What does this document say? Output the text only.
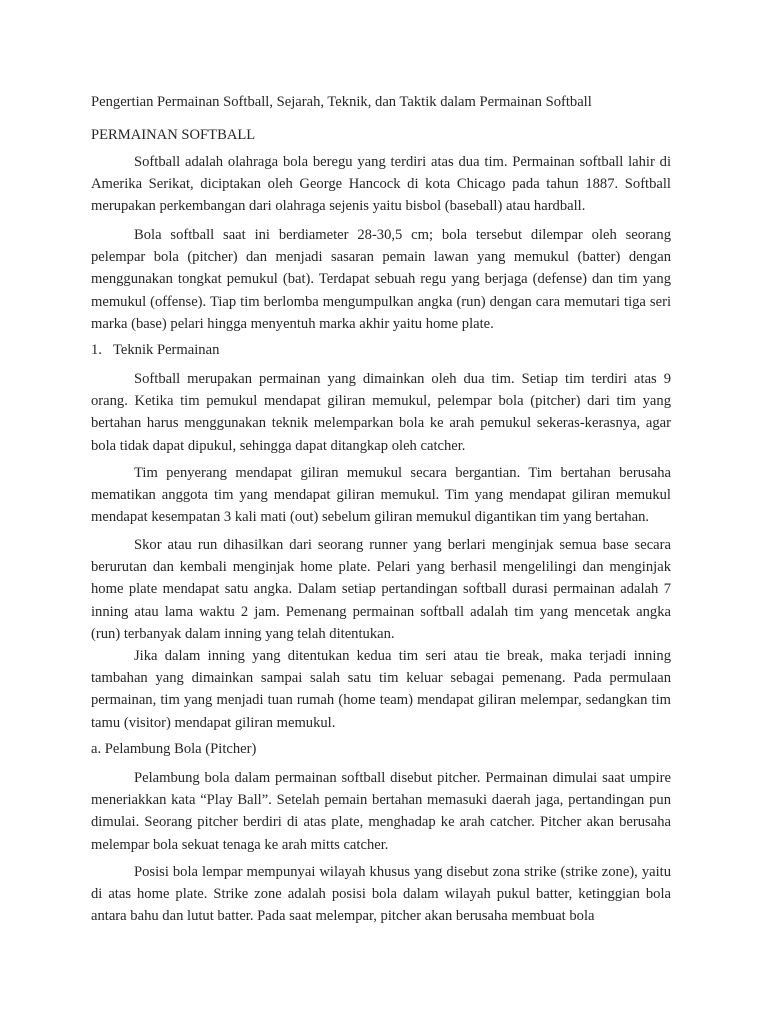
Pengertian Permainan Softball, Sejarah, Teknik, dan Taktik dalam Permainan Softball
PERMAINAN SOFTBALL
Softball adalah olahraga bola beregu yang terdiri atas dua tim. Permainan softball lahir di Amerika Serikat, diciptakan oleh George Hancock di kota Chicago pada tahun 1887. Softball merupakan perkembangan dari olahraga sejenis yaitu bisbol (baseball) atau hardball.
Bola softball saat ini berdiameter 28-30,5 cm; bola tersebut dilempar oleh seorang pelempar bola (pitcher) dan menjadi sasaran pemain lawan yang memukul (batter) dengan menggunakan tongkat pemukul (bat). Terdapat sebuah regu yang berjaga (defense) dan tim yang memukul (offense). Tiap tim berlomba mengumpulkan angka (run) dengan cara memutari tiga seri marka (base) pelari hingga menyentuh marka akhir yaitu home plate.
1. Teknik Permainan
Softball merupakan permainan yang dimainkan oleh dua tim. Setiap tim terdiri atas 9 orang. Ketika tim pemukul mendapat giliran memukul, pelempar bola (pitcher) dari tim yang bertahan harus menggunakan teknik melemparkan bola ke arah pemukul sekeras-kerasnya, agar bola tidak dapat dipukul, sehingga dapat ditangkap oleh catcher.
Tim penyerang mendapat giliran memukul secara bergantian. Tim bertahan berusaha mematikan anggota tim yang mendapat giliran memukul. Tim yang mendapat giliran memukul mendapat kesempatan 3 kali mati (out) sebelum giliran memukul digantikan tim yang bertahan.
Skor atau run dihasilkan dari seorang runner yang berlari menginjak semua base secara berurutan dan kembali menginjak home plate. Pelari yang berhasil mengelilingi dan menginjak home plate mendapat satu angka. Dalam setiap pertandingan softball durasi permainan adalah 7 inning atau lama waktu 2 jam. Pemenang permainan softball adalah tim yang mencetak angka (run) terbanyak dalam inning yang telah ditentukan.
Jika dalam inning yang ditentukan kedua tim seri atau tie break, maka terjadi inning tambahan yang dimainkan sampai salah satu tim keluar sebagai pemenang. Pada permulaan permainan, tim yang menjadi tuan rumah (home team) mendapat giliran melempar, sedangkan tim tamu (visitor) mendapat giliran memukul.
a. Pelambung Bola (Pitcher)
Pelambung bola dalam permainan softball disebut pitcher. Permainan dimulai saat umpire meneriakkan kata “Play Ball”. Setelah pemain bertahan memasuki daerah jaga, pertandingan pun dimulai. Seorang pitcher berdiri di atas plate, menghadap ke arah catcher. Pitcher akan berusaha melempar bola sekuat tenaga ke arah mitts catcher.
Posisi bola lempar mempunyai wilayah khusus yang disebut zona strike (strike zone), yaitu di atas home plate. Strike zone adalah posisi bola dalam wilayah pukul batter, ketinggian bola antara bahu dan lutut batter. Pada saat melempar, pitcher akan berusaha membuat bola
